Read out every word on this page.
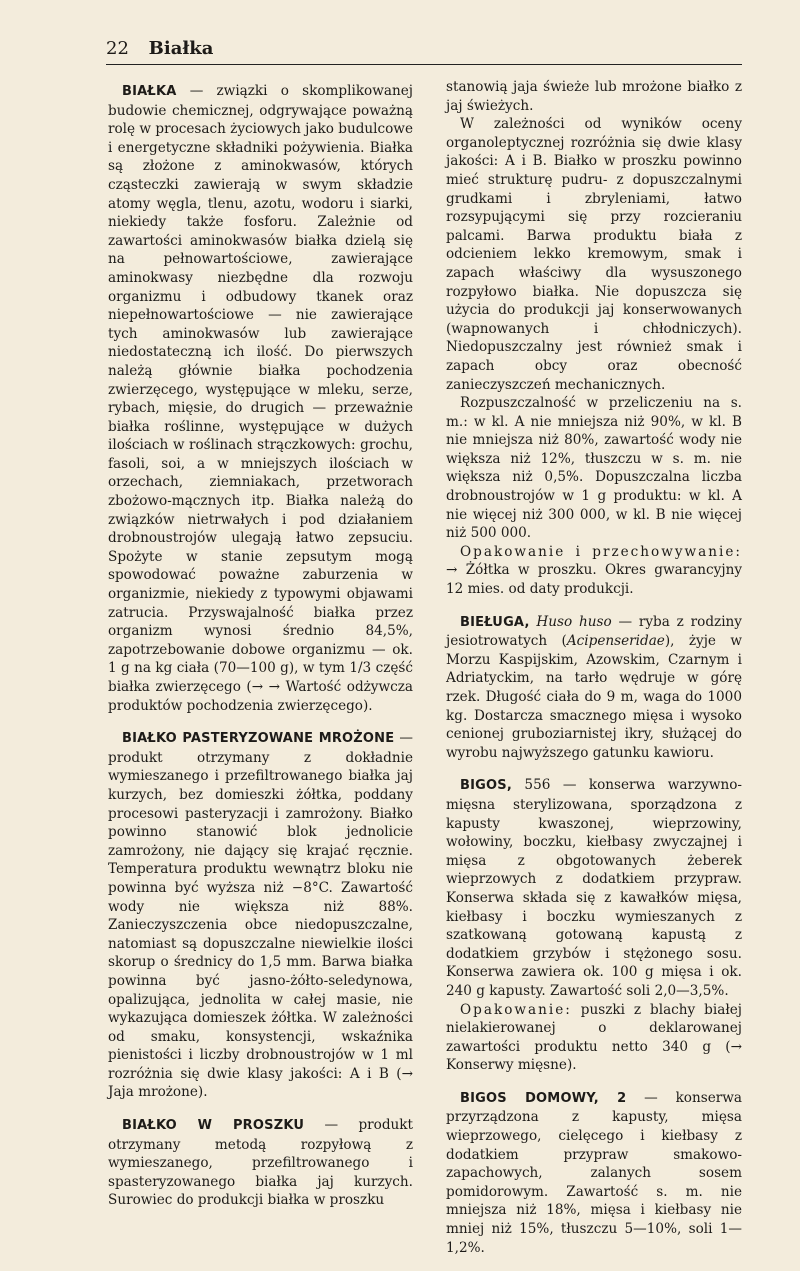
22 Białka

BIAŁKA — związki o skomplikowanej budowie chemicznej, odgrywające poważną rolę w procesach życiowych jako budulcowe i energetyczne składniki pożywienia. Białka są złożone z aminokwasów, których cząsteczki zawierają w swym składzie atomy węgla, tlenu, azotu, wodoru i siarki, niekiedy także fosforu. Zależnie od zawartości aminokwasów białka dzielą się na pełnowartościowe, zawierające aminokwasy niezbędne dla rozwoju organizmu i odbudowy tkanek oraz niepełnowartościowe — nie zawierające tych aminokwasów lub zawierające niedostateczną ich ilość. Do pierwszych należą głównie białka pochodzenia zwierzęcego, występujące w mleku, serze, rybach, mięsie, do drugich — przeważnie białka roślinne, występujące w dużych ilościach w roślinach strączkowych: grochu, fasoli, soi, a w mniejszych ilościach w orzechach, ziemniakach, przetworach zbożowo-mącznych itp. Białka należą do związków nietrwałych i pod działaniem drobnoustrojów ulegają łatwo zepsuciu. Spożyte w stanie zepsutym mogą spowodować poważne zaburzenia w organizmie, niekiedy z typowymi objawami zatrucia. Przyswajalność białka przez organizm wynosi średnio 84,5%, zapotrzebowanie dobowe organizmu — ok. 1 g na kg ciała (70—100 g), w tym 1/3 część białka zwierzęcego (→ → Wartość odżywcza produktów pochodzenia zwierzęcego).

BIAŁKO PASTERYZOWANE MROŻONE — produkt otrzymany z dokładnie wymieszanego i przefiltrowanego białka jaj kurzych, bez domieszki żółtka, poddany procesowi pasteryzacji i zamrożony. Białko powinno stanowić blok jednolicie zamrożony, nie dający się krajać ręcznie. Temperatura produktu wewnątrz bloku nie powinna być wyższa niż −8°C. Zawartość wody nie większa niż 88%. Zanieczyszczenia obce niedopuszczalne, natomiast są dopuszczalne niewielkie ilości skorup o średnicy do 1,5 mm. Barwa białka powinna być jasno-żółto-seledynowa, opalizująca, jednolita w całej masie, nie wykazująca domieszek żółtka. W zależności od smaku, konsystencji, wskaźnika pienistości i liczby drobnoustrojów w 1 ml rozróżnia się dwie klasy jakości: A i B (→ Jaja mrożone).

BIAŁKO W PROSZKU — produkt otrzymany metodą rozpyłową z wymieszanego, przefiltrowanego i spasteryzowanego białka jaj kurzych. Surowiec do produkcji białka w proszku

stanowią jaja świeże lub mrożone białko z jaj świeżych.

W zależności od wyników oceny organoleptycznej rozróżnia się dwie klasy jakości: A i B. Białko w proszku powinno mieć strukturę pudru- z dopuszczalnymi grudkami i zbryleniami, łatwo rozsypującymi się przy rozcieraniu palcami. Barwa produktu biała z odcieniem lekko kremowym, smak i zapach właściwy dla wysuszonego rozpyłowo białka. Nie dopuszcza się użycia do produkcji jaj konserwowanych (wapnowanych i chłodniczych). Niedopuszczalny jest również smak i zapach obcy oraz obecność zanieczyszczeń mechanicznych.

Rozpuszczalność w przeliczeniu na s. m.: w kl. A nie mniejsza niż 90%, w kl. B nie mniejsza niż 80%, zawartość wody nie większa niż 12%, tłuszczu w s. m. nie większa niż 0,5%. Dopuszczalna liczba drobnoustrojów w 1 g produktu: w kl. A nie więcej niż 300 000, w kl. B nie więcej niż 500 000.

Opakowanie i przechowywanie: → Żółtka w proszku. Okres gwarancyjny 12 mies. od daty produkcji.

BIEŁUGA, Huso huso — ryba z rodziny jesiotrowatych (Acipenseridae), żyje w Morzu Kaspijskim, Azowskim, Czarnym i Adriatyckim, na tarło wędruje w górę rzek. Długość ciała do 9 m, waga do 1000 kg. Dostarcza smacznego mięsa i wysoko cenionej gruboziarnistej ikry, służącej do wyrobu najwyższego gatunku kawioru.

BIGOS, 556 — konserwa warzywno-mięsna sterylizowana, sporządzona z kapusty kwaszonej, wieprzowiny, wołowiny, boczku, kiełbasy zwyczajnej i mięsa z obgotowanych żeberek wieprzowych z dodatkiem przypraw. Konserwa składa się z kawałków mięsa, kiełbasy i boczku wymieszanych z szatkowaną gotowaną kapustą z dodatkiem grzybów i stężonego sosu. Konserwa zawiera ok. 100 g mięsa i ok. 240 g kapusty. Zawartość soli 2,0—3,5%.

Opakowanie: puszki z blachy białej nielakierowanej o deklarowanej zawartości produktu netto 340 g (→ Konserwy mięsne).

BIGOS DOMOWY, 2 — konserwa przyrządzona z kapusty, mięsa wieprzowego, cielęcego i kiełbasy z dodatkiem przypraw smakowo-zapachowych, zalanych sosem pomidorowym. Zawartość s. m. nie mniejsza niż 18%, mięsa i kiełbasy nie mniej niż 15%, tłuszczu 5—10%, soli 1—1,2%.
